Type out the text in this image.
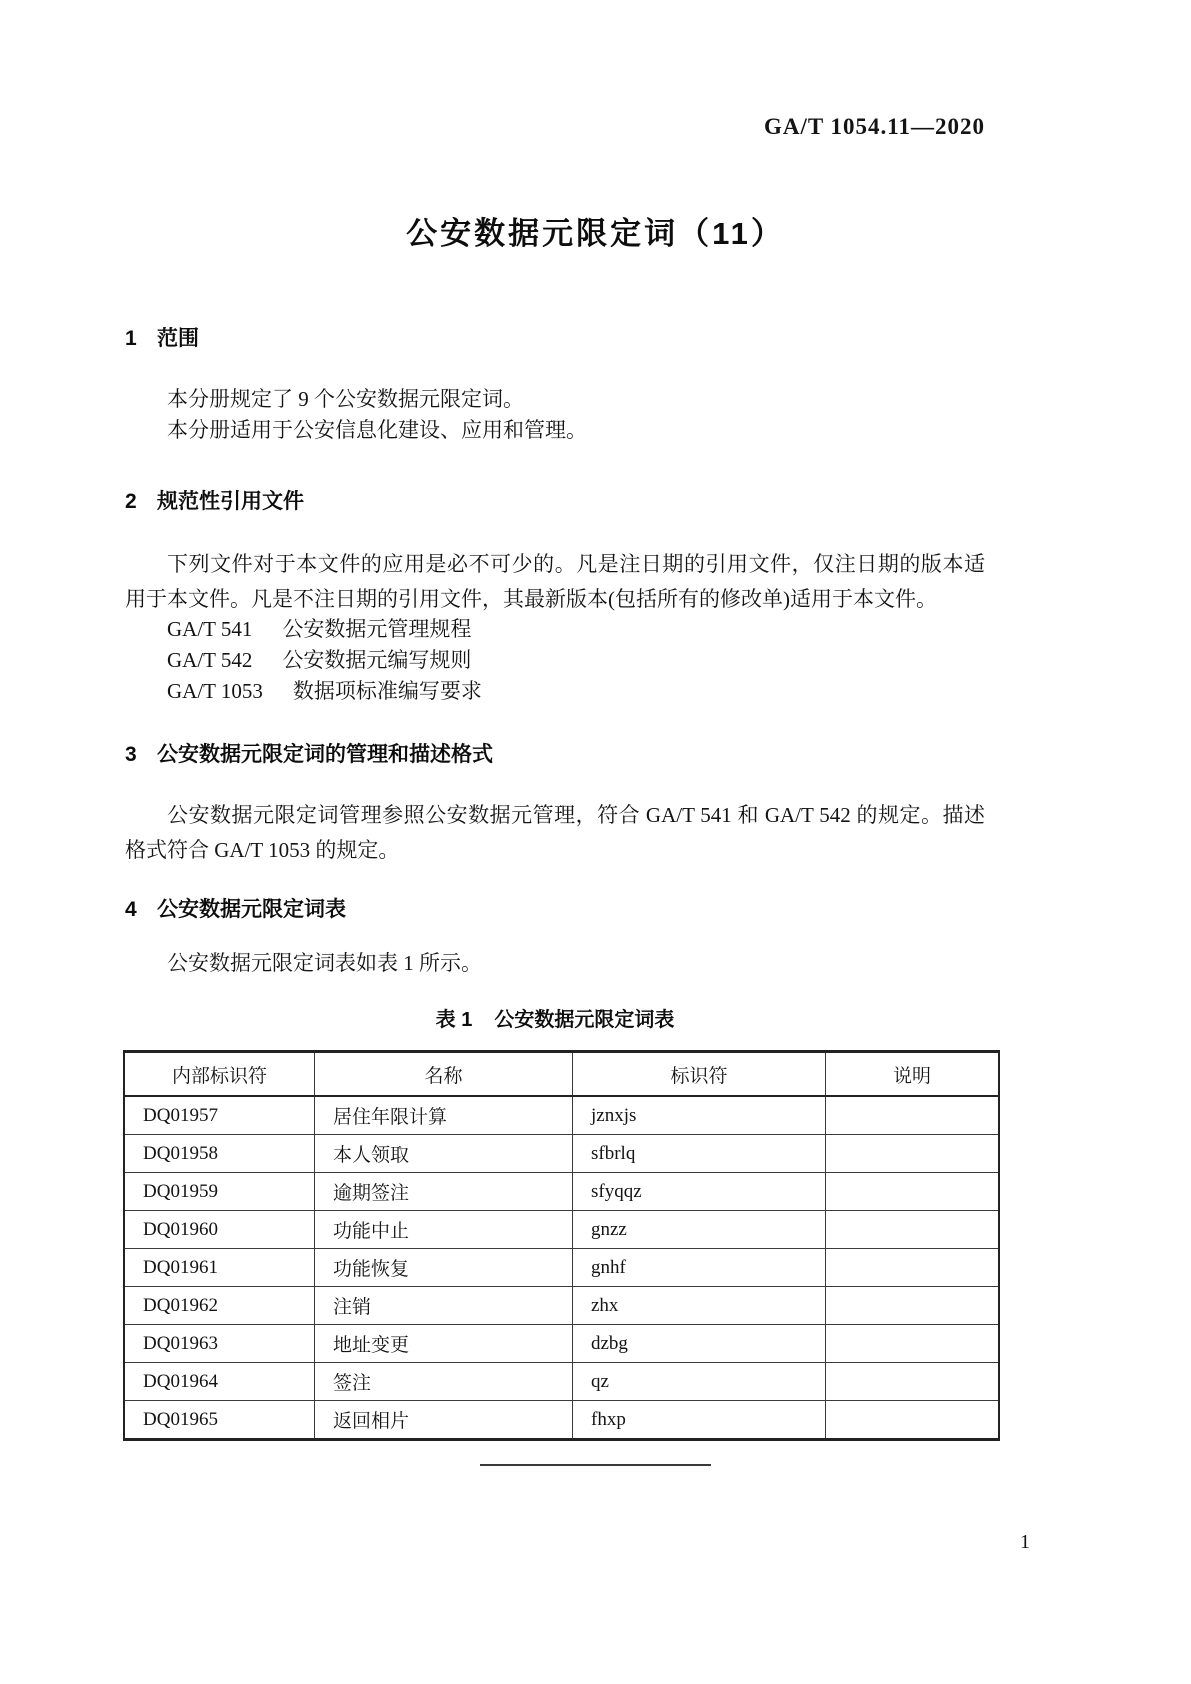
GA/T 1054.11—2020
公安数据元限定词（11）
1 范围
本分册规定了 9 个公安数据元限定词。
本分册适用于公安信息化建设、应用和管理。
2 规范性引用文件
下列文件对于本文件的应用是必不可少的。凡是注日期的引用文件，仅注日期的版本适用于本文件。凡是不注日期的引用文件，其最新版本(包括所有的修改单)适用于本文件。
GA/T 541 公安数据元管理规程
GA/T 542 公安数据元编写规则
GA/T 1053 数据项标准编写要求
3 公安数据元限定词的管理和描述格式
公安数据元限定词管理参照公安数据元管理，符合 GA/T 541 和 GA/T 542 的规定。描述格式符合 GA/T 1053 的规定。
4 公安数据元限定词表
公安数据元限定词表如表 1 所示。
表 1 公安数据元限定词表
内部标识符	名称	标识符	说明
DQ01957	居住年限计算	jznxjs	
DQ01958	本人领取	sfbrlq	
DQ01959	逾期签注	sfyqqz	
DQ01960	功能中止	gnzz	
DQ01961	功能恢复	gnhf	
DQ01962	注销	zhx	
DQ01963	地址变更	dzbg	
DQ01964	签注	qz	
DQ01965	返回相片	fhxp	
1
